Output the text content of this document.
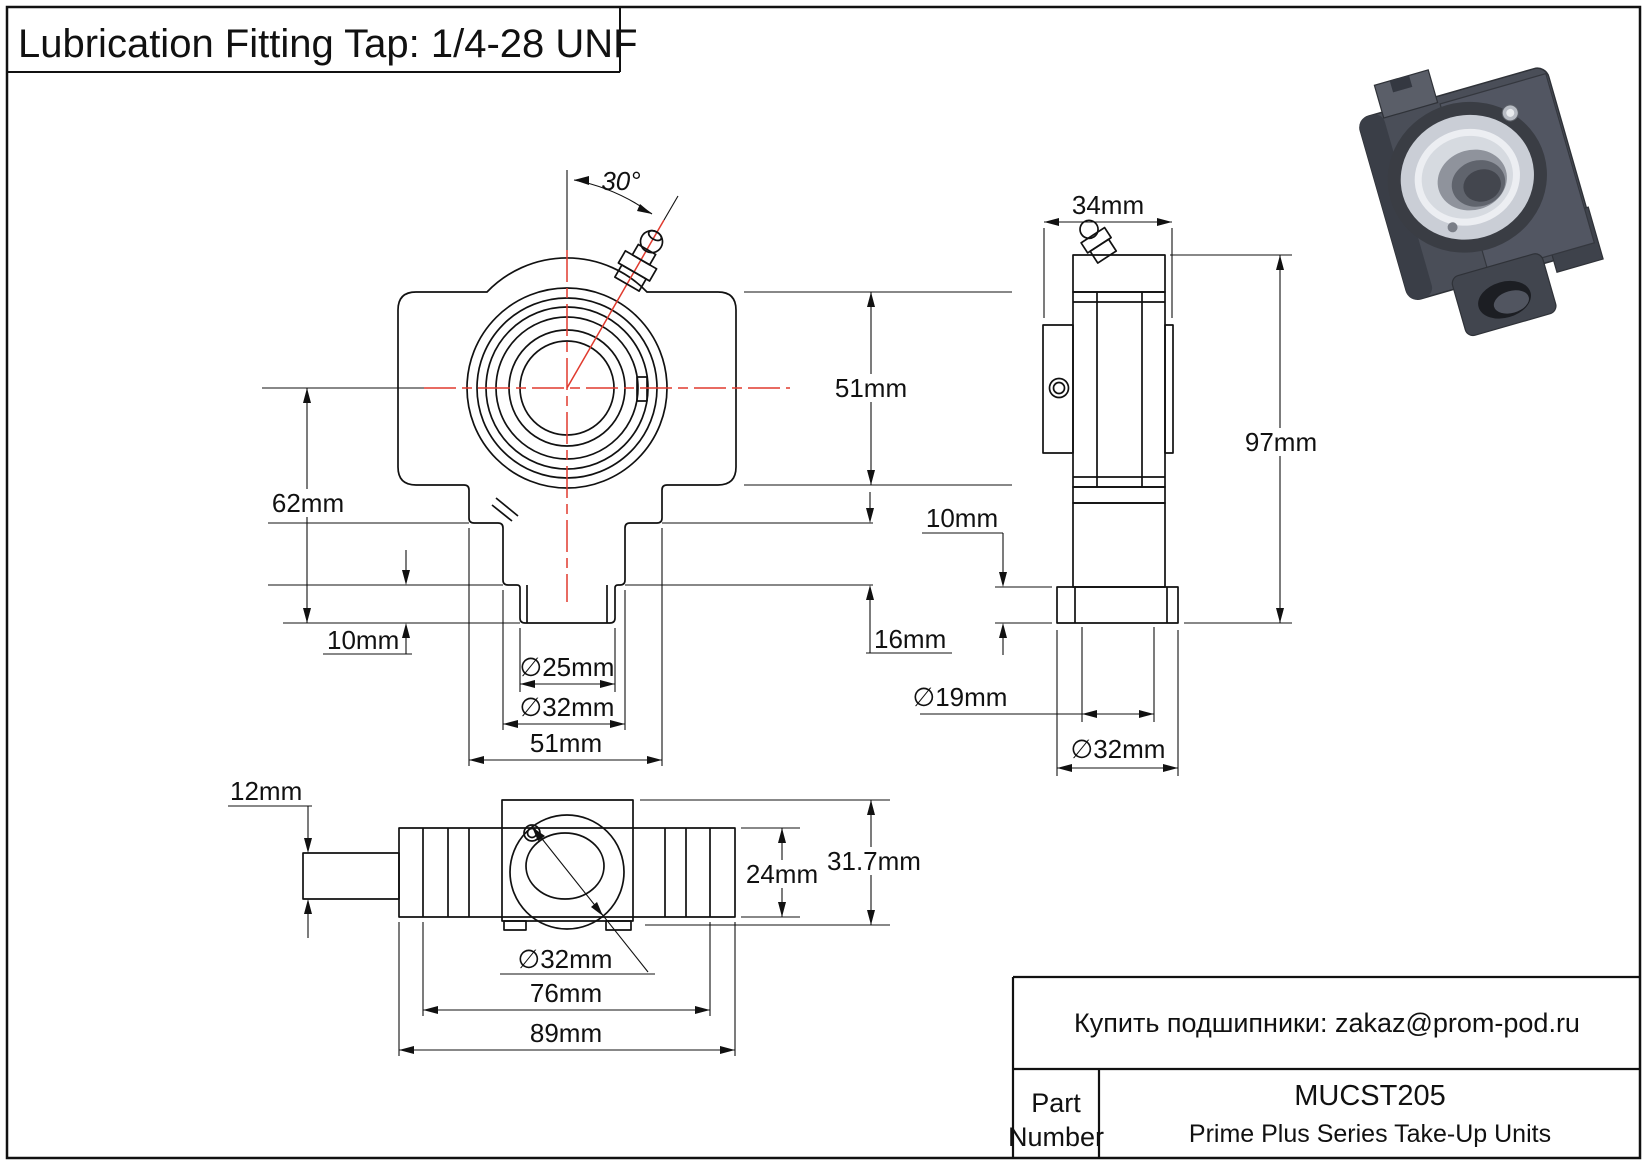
Lubrication Fitting Tap: 1/4-28 UNF
30°
51mm
62mm
10mm
∅25mm
∅32mm
51mm
16mm
34mm
97mm
10mm
∅19mm
∅32mm
12mm
24mm 31.7mm
∅32mm
76mm
89mm	Купить подшипники: zakaz@prom-pod.ru
Part
Number
MUCST205
Prime Plus Series Take-Up Units
